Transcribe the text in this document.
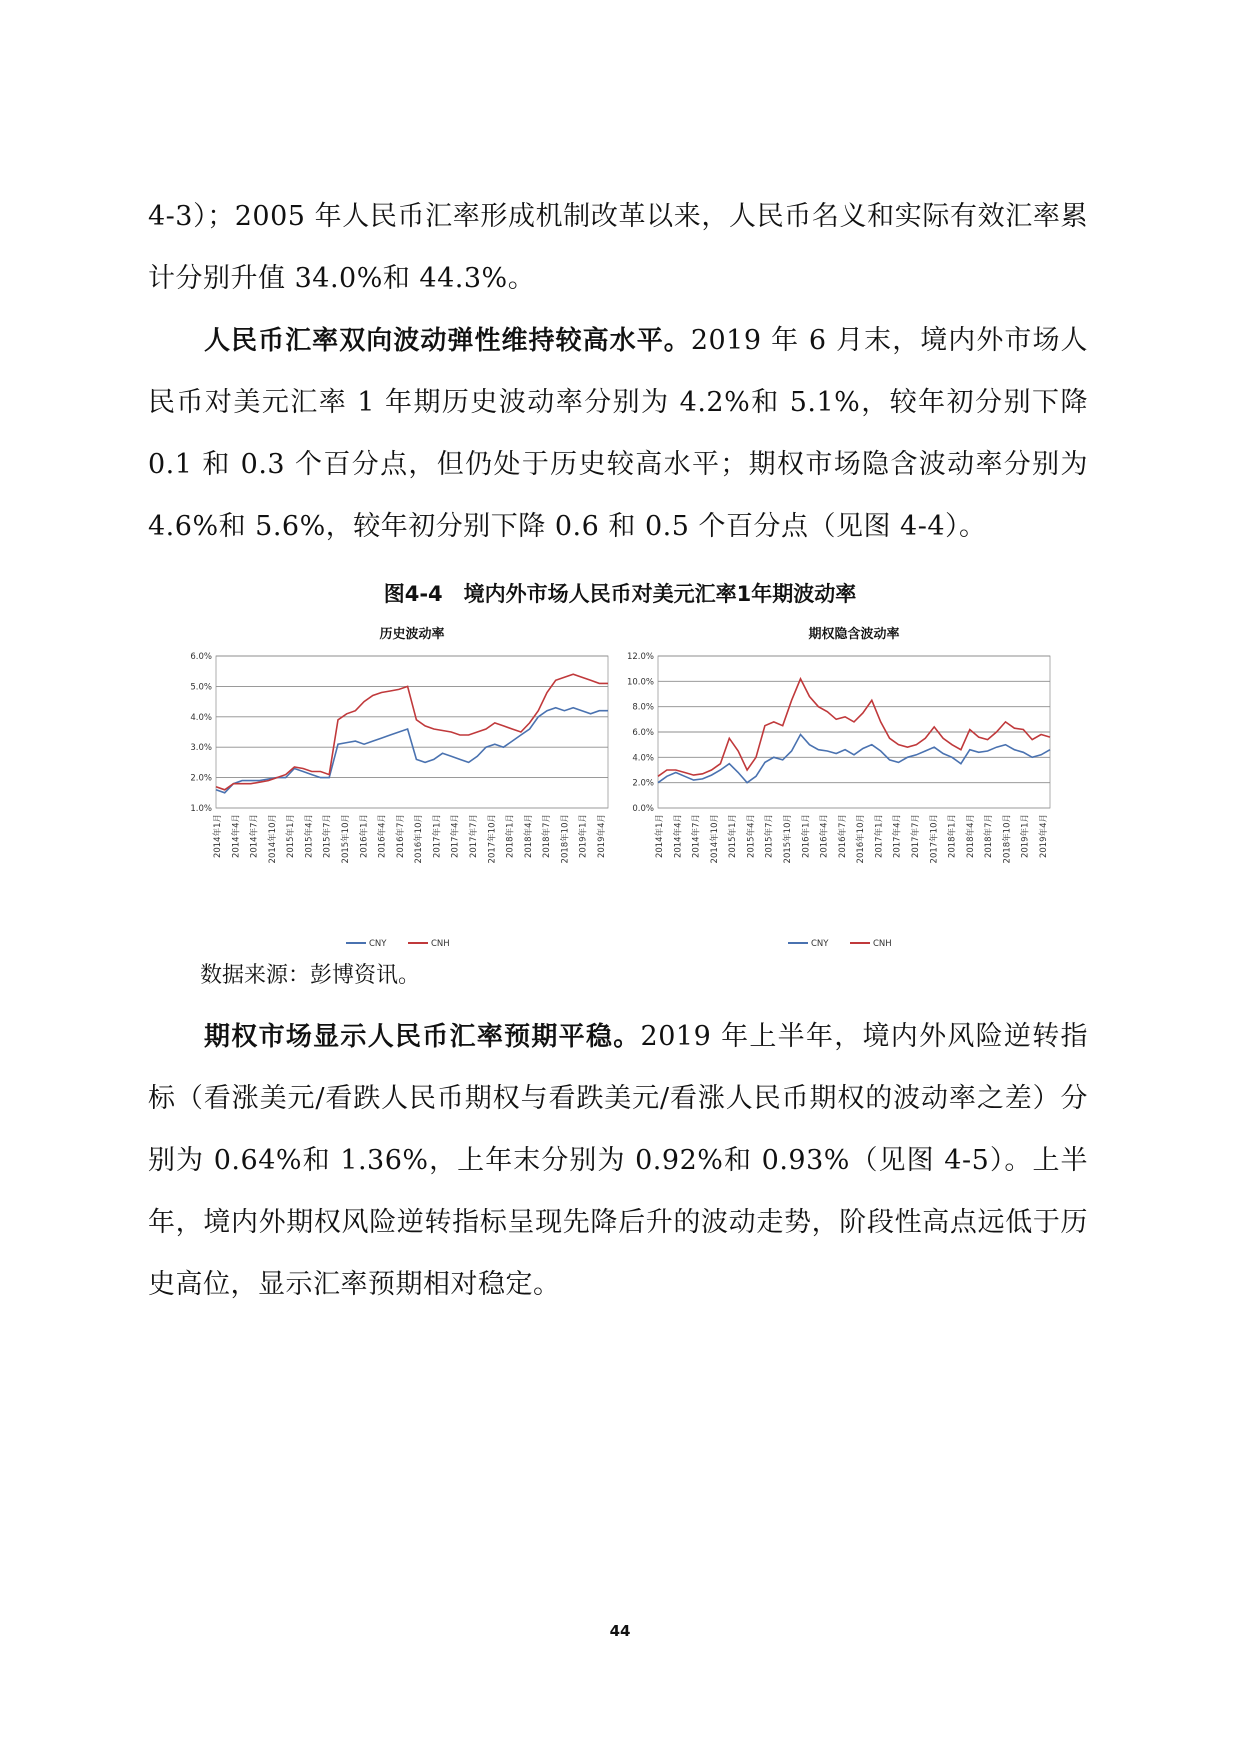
4-3）；2005 年人民币汇率形成机制改革以来，人民币名义和实际有效汇率累计分别升值 34.0%和 44.3%。

人民币汇率双向波动弹性维持较高水平。2019 年 6 月末，境内外市场人民币对美元汇率 1 年期历史波动率分别为 4.2%和 5.1%，较年初分别下降 0.1 和 0.3 个百分点，但仍处于历史较高水平；期权市场隐含波动率分别为 4.6%和 5.6%，较年初分别下降 0.6 和 0.5 个百分点（见图 4-4）。

图4-4　境内外市场人民币对美元汇率1年期波动率
历史波动率
1.0%
2.0%
3.0%
4.0%
5.0%
6.0%
2014年1月 2014年4月 2014年7月 2014年10月 2015年1月 2015年4月 2015年7月 2015年10月 2016年1月 2016年4月 2016年7月 2016年10月 2017年1月 2017年4月 2017年7月 2017年10月 2018年1月 2018年4月 2018年7月 2018年10月 2019年1月 2019年4月
CNY	CNH
期权隐含波动率
0.0%
2.0%
4.0%
6.0%
8.0%
10.0%
12.0%
2014年1月 2014年4月 2014年7月 2014年10月 2015年1月 2015年4月 2015年7月 2015年10月 2016年1月 2016年4月 2016年7月 2016年10月 2017年1月 2017年4月 2017年7月 2017年10月 2018年1月 2018年4月 2018年7月 2018年10月 2019年1月 2019年4月
CNY	CNH
数据来源：彭博资讯。

期权市场显示人民币汇率预期平稳。2019 年上半年，境内外风险逆转指标（看涨美元/看跌人民币期权与看跌美元/看涨人民币期权的波动率之差）分别为 0.64%和 1.36%，上年末分别为 0.92%和 0.93%（见图 4-5）。上半年，境内外期权风险逆转指标呈现先降后升的波动走势，阶段性高点远低于历史高位，显示汇率预期相对稳定。

44
